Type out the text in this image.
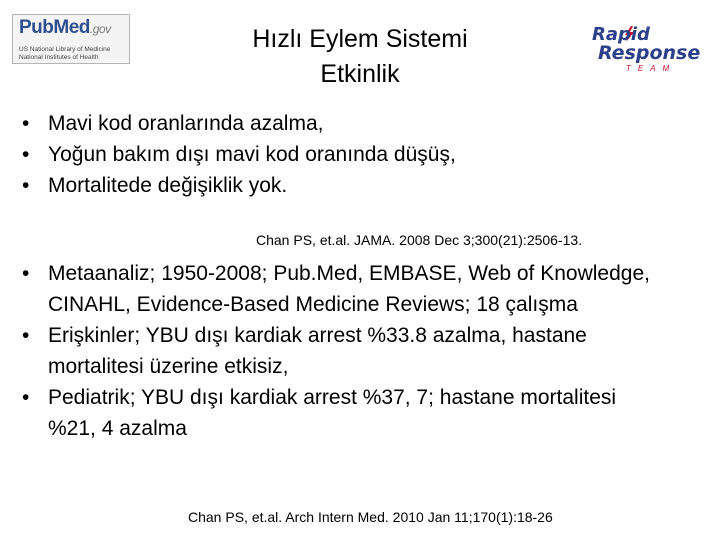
PubMed.gov
US National Library of Medicine
National Institutes of Health
Hızlı Eylem Sistemi
Etkinlik
Rapid
Response
TEAM
• Mavi kod oranlarında azalma,
• Yoğun bakım dışı mavi kod oranında düşüş,
• Mortalitede değişiklik yok.
Chan PS, et.al. JAMA. 2008 Dec 3;300(21):2506-13.
• Metaanaliz; 1950-2008; Pub.Med, EMBASE, Web of Knowledge, CINAHL, Evidence-Based Medicine Reviews; 18 çalışma
• Erişkinler; YBU dışı kardiak arrest %33.8 azalma, hastane mortalitesi üzerine etkisiz,
• Pediatrik; YBU dışı kardiak arrest %37, 7; hastane mortalitesi %21, 4 azalma
Chan PS, et.al. Arch Intern Med. 2010 Jan 11;170(1):18-26
